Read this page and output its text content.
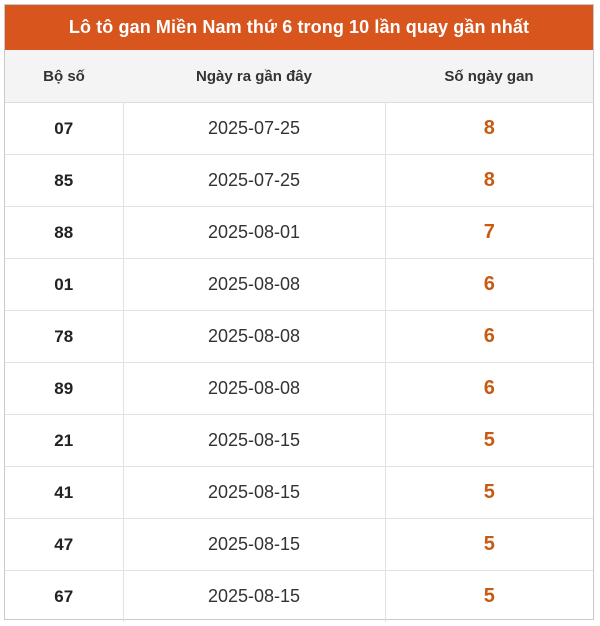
Lô tô gan Miền Nam thứ 6 trong 10 lần quay gần nhất
Bộ số	Ngày ra gần đây	Số ngày gan
07	2025-07-25	8
85	2025-07-25	8
88	2025-08-01	7
01	2025-08-08	6
78	2025-08-08	6
89	2025-08-08	6
21	2025-08-15	5
41	2025-08-15	5
47	2025-08-15	5
67	2025-08-15	5
